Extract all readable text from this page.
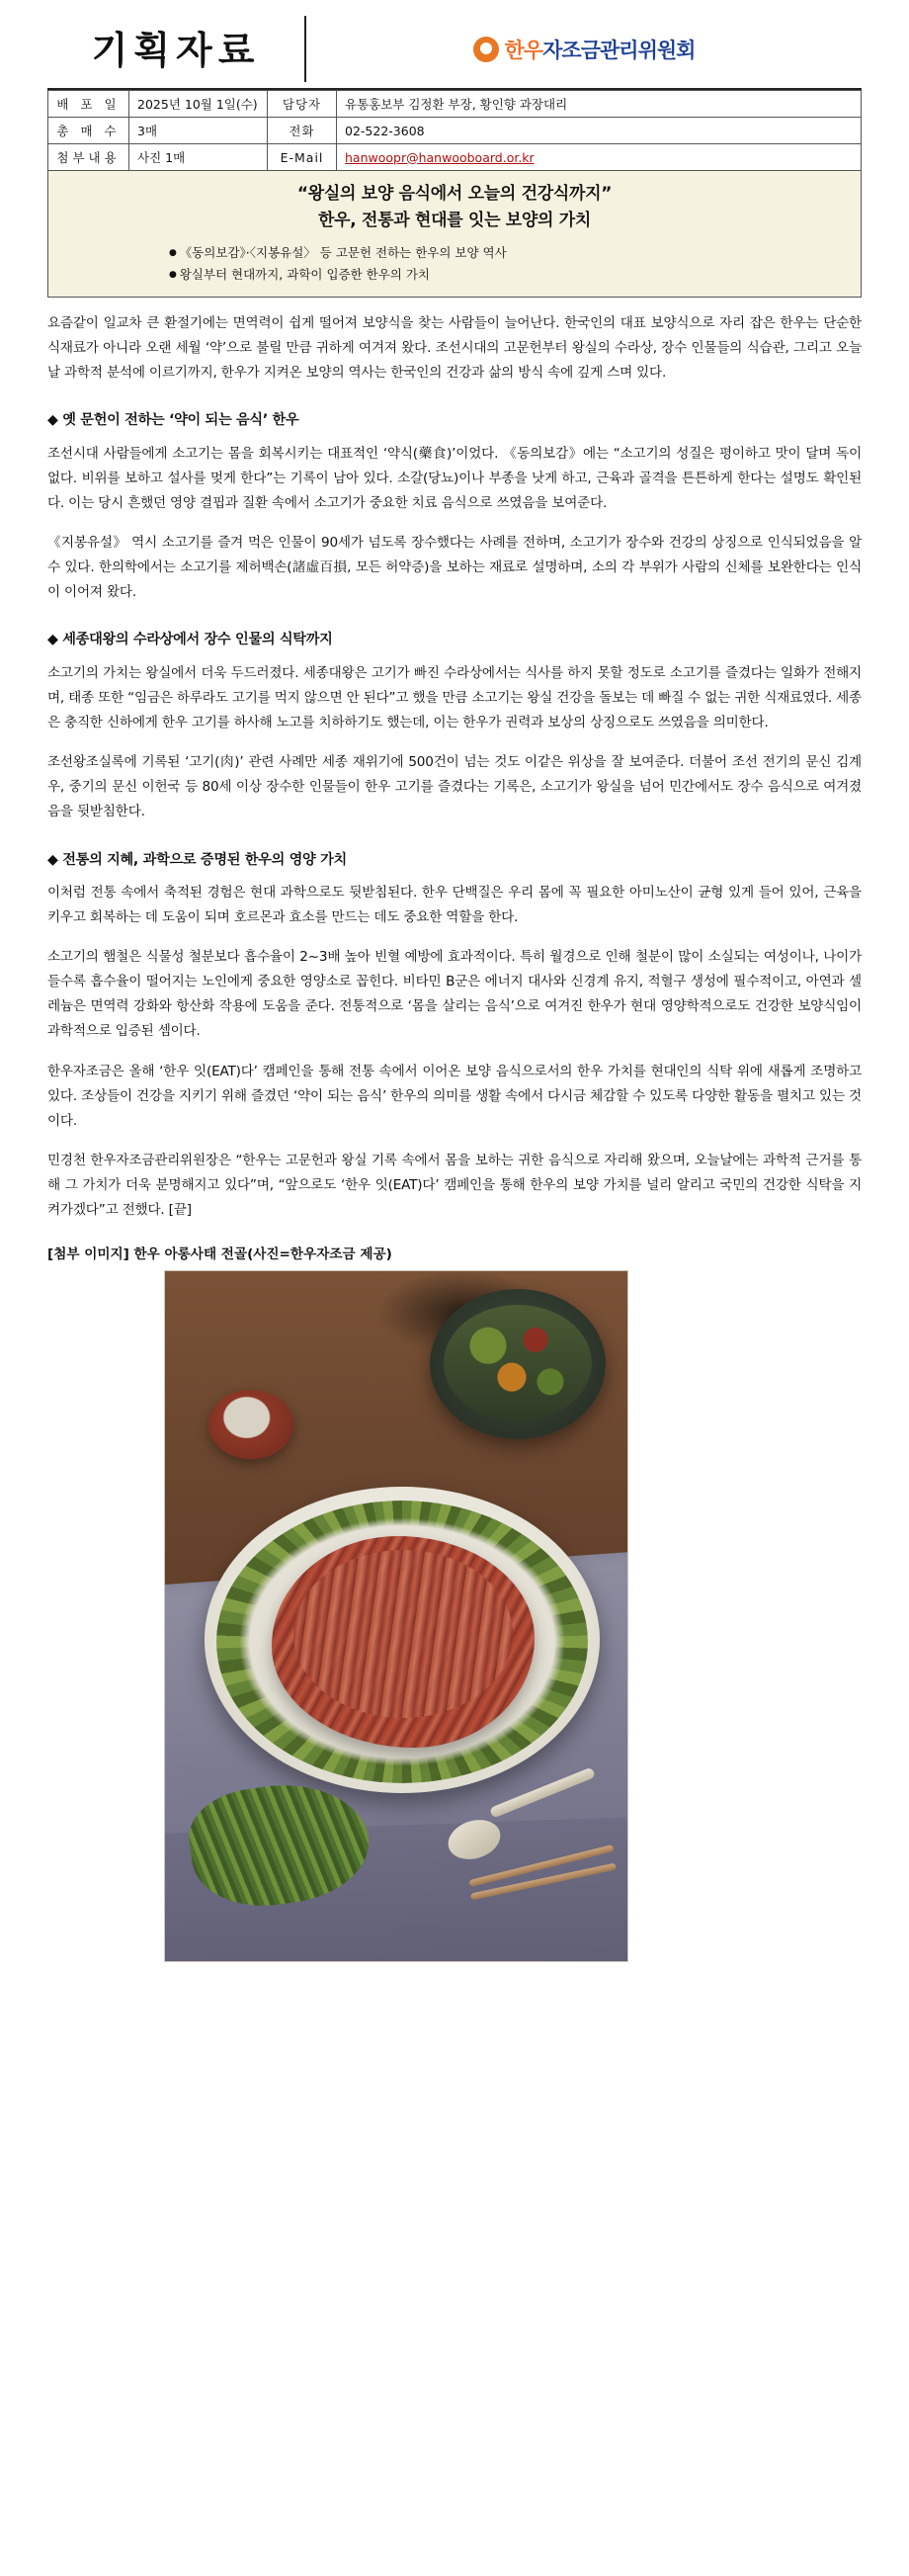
기획자료	한우자조금관리위원회
배 포 일	2025년 10월 1일(수)	담당자	유통홍보부 김정환 부장, 황인향 과장대리
총 매 수	3매	전화	02-522-3608
첨부내용	사진 1매	E-Mail	hanwoopr@hanwooboard.or.kr
“왕실의 보양 음식에서 오늘의 건강식까지”
한우, 전통과 현대를 잇는 보양의 가치
● 《동의보감》·〈지봉유설〉 등 고문헌 전하는 한우의 보양 역사
● 왕실부터 현대까지, 과학이 입증한 한우의 가치

요즘같이 일교차 큰 환절기에는 면역력이 쉽게 떨어져 보양식을 찾는 사람들이 늘어난다. 한국인의 대표 보양식으로 자리 잡은 한우는 단순한 식재료가 아니라 오랜 세월 ‘약’으로 불릴 만큼 귀하게 여겨져 왔다. 조선시대의 고문헌부터 왕실의 수라상, 장수 인물들의 식습관, 그리고 오늘날 과학적 분석에 이르기까지, 한우가 지켜온 보양의 역사는 한국인의 건강과 삶의 방식 속에 깊게 스며 있다.

◆ 옛 문헌이 전하는 ‘약이 되는 음식’ 한우

조선시대 사람들에게 소고기는 몸을 회복시키는 대표적인 ‘약식(藥食)’이었다. 《동의보감》에는 “소고기의 성질은 평이하고 맛이 달며 독이 없다. 비위를 보하고 설사를 멎게 한다”는 기록이 남아 있다. 소갈(당뇨)이나 부종을 낫게 하고, 근육과 골격을 튼튼하게 한다는 설명도 확인된다. 이는 당시 흔했던 영양 결핍과 질환 속에서 소고기가 중요한 치료 음식으로 쓰였음을 보여준다.

《지봉유설》 역시 소고기를 즐겨 먹은 인물이 90세가 넘도록 장수했다는 사례를 전하며, 소고기가 장수와 건강의 상징으로 인식되었음을 알 수 있다. 한의학에서는 소고기를 제허백손(諸虛百損, 모든 허약증)을 보하는 재료로 설명하며, 소의 각 부위가 사람의 신체를 보완한다는 인식이 이어져 왔다.

◆ 세종대왕의 수라상에서 장수 인물의 식탁까지

소고기의 가치는 왕실에서 더욱 두드러졌다. 세종대왕은 고기가 빠진 수라상에서는 식사를 하지 못할 정도로 소고기를 즐겼다는 일화가 전해지며, 태종 또한 “임금은 하루라도 고기를 먹지 않으면 안 된다”고 했을 만큼 소고기는 왕실 건강을 돌보는 데 빠질 수 없는 귀한 식재료였다. 세종은 충직한 신하에게 한우 고기를 하사해 노고를 치하하기도 했는데, 이는 한우가 권력과 보상의 상징으로도 쓰였음을 의미한다.

조선왕조실록에 기록된 ‘고기(肉)’ 관련 사례만 세종 재위기에 500건이 넘는 것도 이같은 위상을 잘 보여준다. 더불어 조선 전기의 문신 김계우, 중기의 문신 이헌국 등 80세 이상 장수한 인물들이 한우 고기를 즐겼다는 기록은, 소고기가 왕실을 넘어 민간에서도 장수 음식으로 여겨졌음을 뒷받침한다.

◆ 전통의 지혜, 과학으로 증명된 한우의 영양 가치

이처럼 전통 속에서 축적된 경험은 현대 과학으로도 뒷받침된다. 한우 단백질은 우리 몸에 꼭 필요한 아미노산이 균형 있게 들어 있어, 근육을 키우고 회복하는 데 도움이 되며 호르몬과 효소를 만드는 데도 중요한 역할을 한다.

소고기의 햄철은 식물성 철분보다 흡수율이 2~3배 높아 빈혈 예방에 효과적이다. 특히 월경으로 인해 철분이 많이 소실되는 여성이나, 나이가 들수록 흡수율이 떨어지는 노인에게 중요한 영양소로 꼽힌다. 비타민 B군은 에너지 대사와 신경계 유지, 적혈구 생성에 필수적이고, 아연과 셀레늄은 면역력 강화와 항산화 작용에 도움을 준다. 전통적으로 ‘몸을 살리는 음식’으로 여겨진 한우가 현대 영양학적으로도 건강한 보양식임이 과학적으로 입증된 셈이다.

한우자조금은 올해 ‘한우 잇(EAT)다’ 캠페인을 통해 전통 속에서 이어온 보양 음식으로서의 한우 가치를 현대인의 식탁 위에 새롭게 조명하고 있다. 조상들이 건강을 지키기 위해 즐겼던 ‘약이 되는 음식’ 한우의 의미를 생활 속에서 다시금 체감할 수 있도록 다양한 활동을 펼치고 있는 것이다.

민경천 한우자조금관리위원장은 “한우는 고문헌과 왕실 기록 속에서 몸을 보하는 귀한 음식으로 자리해 왔으며, 오늘날에는 과학적 근거를 통해 그 가치가 더욱 분명해지고 있다”며, “앞으로도 ‘한우 잇(EAT)다’ 캠페인을 통해 한우의 보양 가치를 널리 알리고 국민의 건강한 식탁을 지켜가겠다”고 전했다. [끝]

[첨부 이미지] 한우 아롱사태 전골(사진=한우자조금 제공)
